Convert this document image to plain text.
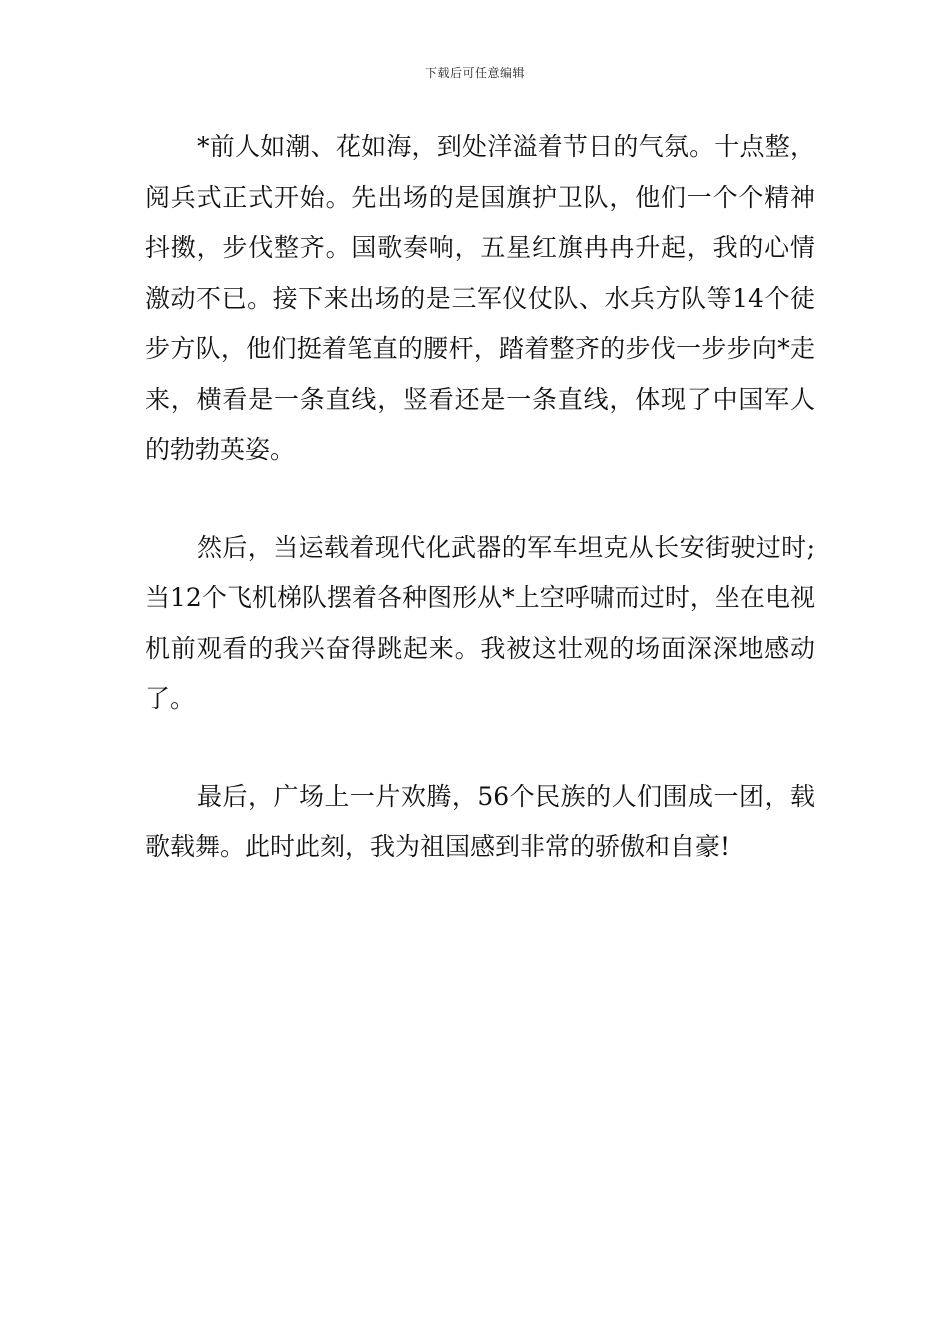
下载后可任意编辑

*前人如潮、花如海，到处洋溢着节日的气氛。十点整，阅兵式正式开始。先出场的是国旗护卫队，他们一个个精神抖擞，步伐整齐。国歌奏响，五星红旗冉冉升起，我的心情激动不已。接下来出场的是三军仪仗队、水兵方队等14个徒步方队，他们挺着笔直的腰杆，踏着整齐的步伐一步步向*走来，横看是一条直线，竖看还是一条直线，体现了中国军人的勃勃英姿。

然后，当运载着现代化武器的军车坦克从长安街驶过时;当12个飞机梯队摆着各种图形从*上空呼啸而过时，坐在电视机前观看的我兴奋得跳起来。我被这壮观的场面深深地感动了。

最后，广场上一片欢腾，56个民族的人们围成一团，载歌载舞。此时此刻，我为祖国感到非常的骄傲和自豪!
